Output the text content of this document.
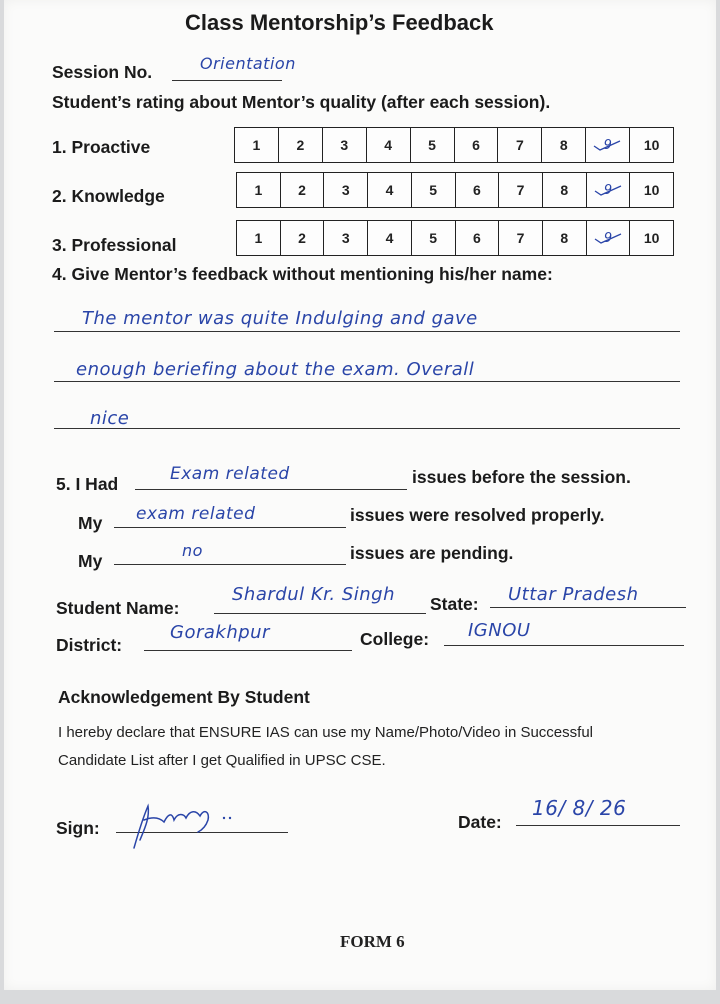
Class Mentorship’s Feedback
Session No.	Orientation
Student’s rating about Mentor’s quality (after each session).
1. Proactive	1	2	3	4	5	6	7	8	9	10
2. Knowledge	1	2	3	4	5	6	7	8	9	10
3. Professional	1	2	3	4	5	6	7	8	9	10
4. Give Mentor’s feedback without mentioning his/her name:
The mentor was quite Indulging and gave
enough beriefing about the exam. Overall
nice
5. I Had	Exam related	issues before the session.
My exam related	issues were resolved properly.
My
no	issues are pending.
Student Name:
Shardul Kr. Singh State: Uttar Pradesh
District:
Gorakhpur	College: IGNOU
Acknowledgement By Student
I hereby declare that ENSURE IAS can use my Name/Photo/Video in Successful
Candidate List after I get Qualified in UPSC CSE.
Sign:	Date:
16/ 8/ 26
FORM 6
